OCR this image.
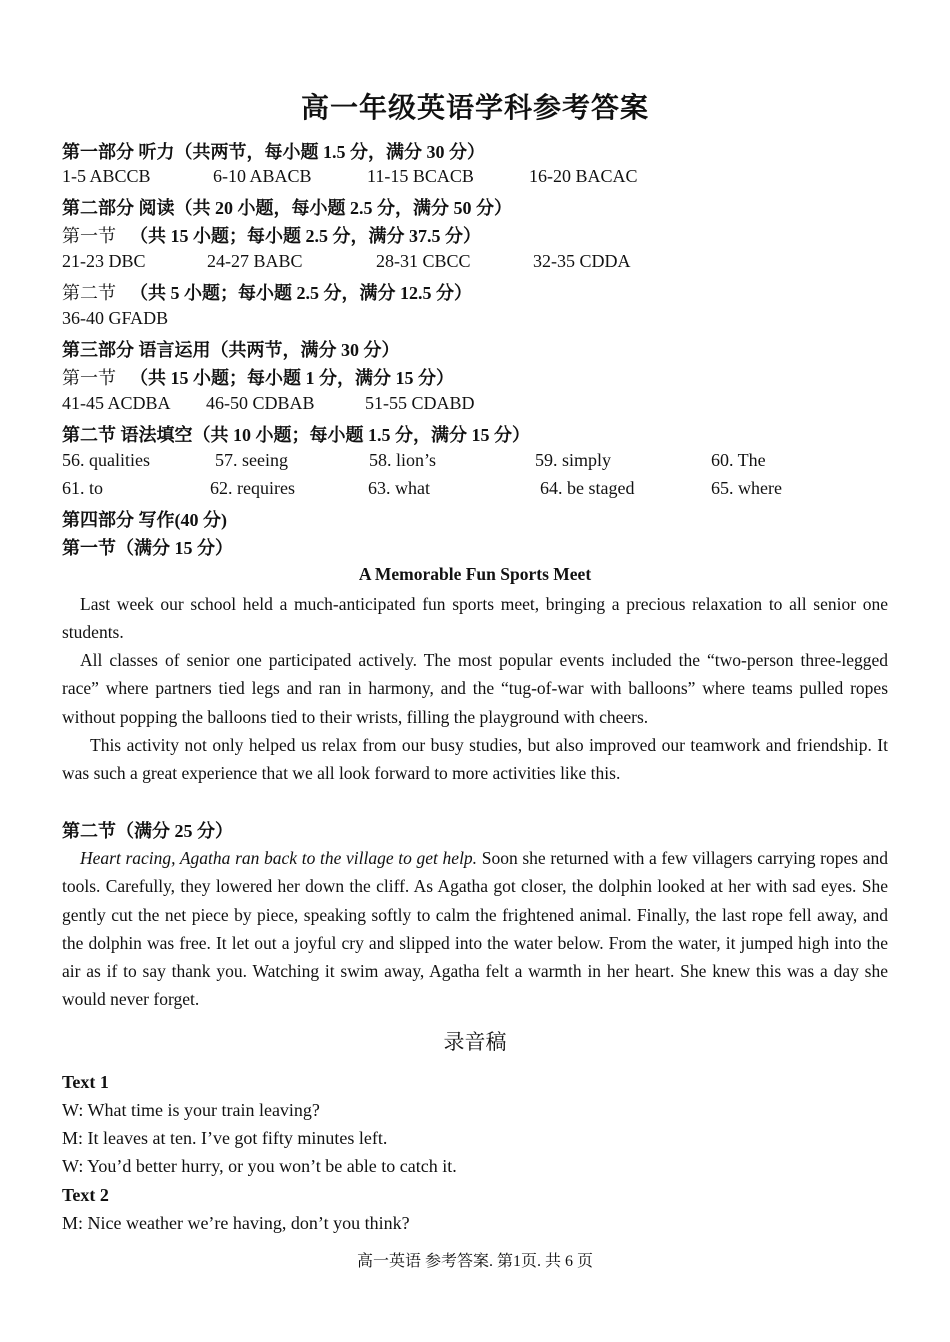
高一年级英语学科参考答案
第一部分 听力（共两节，每小题 1.5 分，满分 30 分）
1-5 ABCCB	6-10 ABACB	11-15 BCACB	16-20 BACAC
第二部分 阅读（共 20 小题，每小题 2.5 分，满分 50 分）
第一节 （共 15 小题；每小题 2.5 分，满分 37.5 分）
21-23 DBC	24-27 BABC	28-31 CBCC	32-35 CDDA
第二节 （共 5 小题；每小题 2.5 分，满分 12.5 分）
36-40 GFADB
第三部分 语言运用（共两节，满分 30 分）
第一节 （共 15 小题；每小题 1 分，满分 15 分）
41-45 ACDBA 46-50 CDBAB	51-55 CDABD
第二节 语法填空（共 10 小题；每小题 1.5 分，满分 15 分）
56. qualities	57. seeing	58. lion’s	59. simply	60. The
61. to	62. requires	63. what	64. be staged	65. where
第四部分 写作(40 分)
第一节（满分 15 分）
A Memorable Fun Sports Meet
Last week our school held a much-anticipated fun sports meet, bringing a precious relaxation to all senior one students.
All classes of senior one participated actively. The most popular events included the “two-person three-legged race” where partners tied legs and ran in harmony, and the “tug-of-war with balloons” where teams pulled ropes without popping the balloons tied to their wrists, filling the playground with cheers.
This activity not only helped us relax from our busy studies, but also improved our teamwork and friendship. It was such a great experience that we all look forward to more activities like this.
第二节（满分 25 分）
Heart racing, Agatha ran back to the village to get help. Soon she returned with a few villagers carrying ropes and tools. Carefully, they lowered her down the cliff. As Agatha got closer, the dolphin looked at her with sad eyes. She gently cut the net piece by piece, speaking softly to calm the frightened animal. Finally, the last rope fell away, and the dolphin was free. It let out a joyful cry and slipped into the water below. From the water, it jumped high into the air as if to say thank you. Watching it swim away, Agatha felt a warmth in her heart. She knew this was a day she would never forget.
录音稿
Text 1
W: What time is your train leaving?
M: It leaves at ten. I’ve got fifty minutes left.
W: You’d better hurry, or you won’t be able to catch it.
Text 2
M: Nice weather we’re having, don’t you think?
高一英语 参考答案. 第1页. 共 6 页
